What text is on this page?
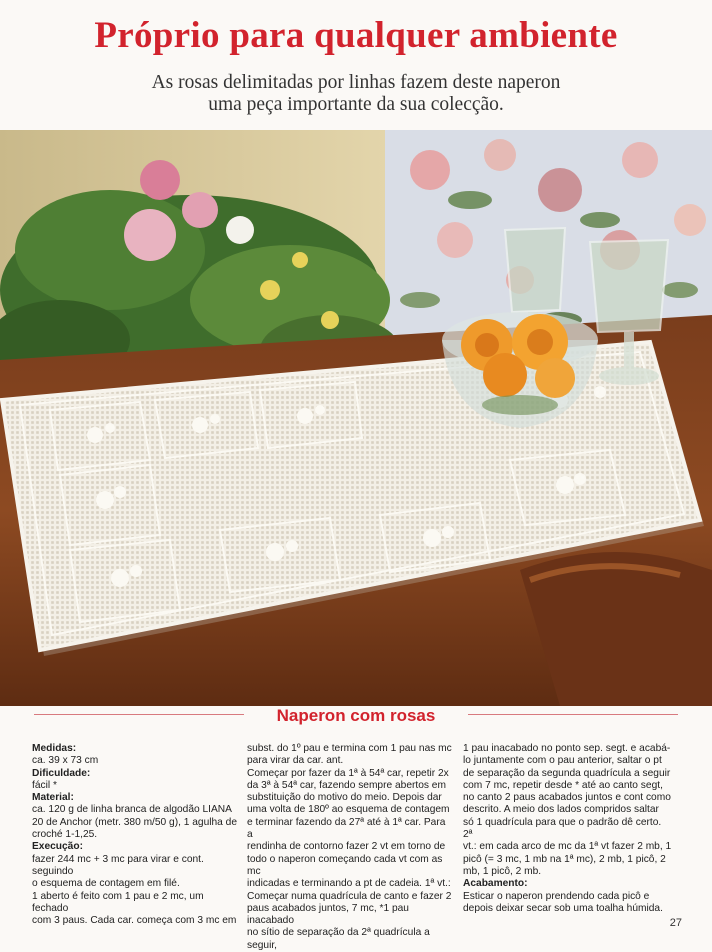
Próprio para qualquer ambiente
As rosas delimitadas por linhas fazem deste naperon
uma peça importante da sua colecção.
Naperon com rosas

Medidas:

ca. 39 x 73 cm

Dificuldade:

fácil *

Material:

ca. 120 g de linha branca de algodão LIANA

20 de Anchor (metr. 380 m/50 g), 1 agulha de

croché 1-1,25.

Execução:

fazer 244 mc + 3 mc para virar e cont. seguindo

o esquema de contagem em filé.

1 aberto é feito com 1 pau e 2 mc, um fechado

com 3 paus. Cada car. começa com 3 mc em

subst. do 1º pau e termina com 1 pau nas mc

para virar da car. ant.

Começar por fazer da 1ª à 54ª car, repetir 2x

da 3ª à 54ª car, fazendo sempre abertos em

substituição do motivo do meio. Depois dar

uma volta de 180º ao esquema de contagem

e terminar fazendo da 27ª até à 1ª car. Para a

rendinha de contorno fazer 2 vt em torno de

todo o naperon começando cada vt com as mc

indicadas e terminando a pt de cadeia. 1ª vt.:

Começar numa quadrícula de canto e fazer 2

paus acabados juntos, 7 mc, *1 pau inacabado

no sítio de separação da 2ª quadrícula a seguir,

1 pau inacabado no ponto sep. segt. e acabá-

lo juntamente com o pau anterior, saltar o pt

de separação da segunda quadrícula a seguir

com 7 mc, repetir desde * até ao canto segt,

no canto 2 paus acabados juntos e cont como

descrito. A meio dos lados compridos saltar

só 1 quadrícula para que o padrão dê certo. 2ª

vt.: em cada arco de mc da 1ª vt fazer 2 mb, 1

picô (= 3 mc, 1 mb na 1ª mc), 2 mb, 1 picô, 2

mb, 1 picô, 2 mb.

Acabamento:

Esticar o naperon prendendo cada picô e

depois deixar secar sob uma toalha húmida.

27
